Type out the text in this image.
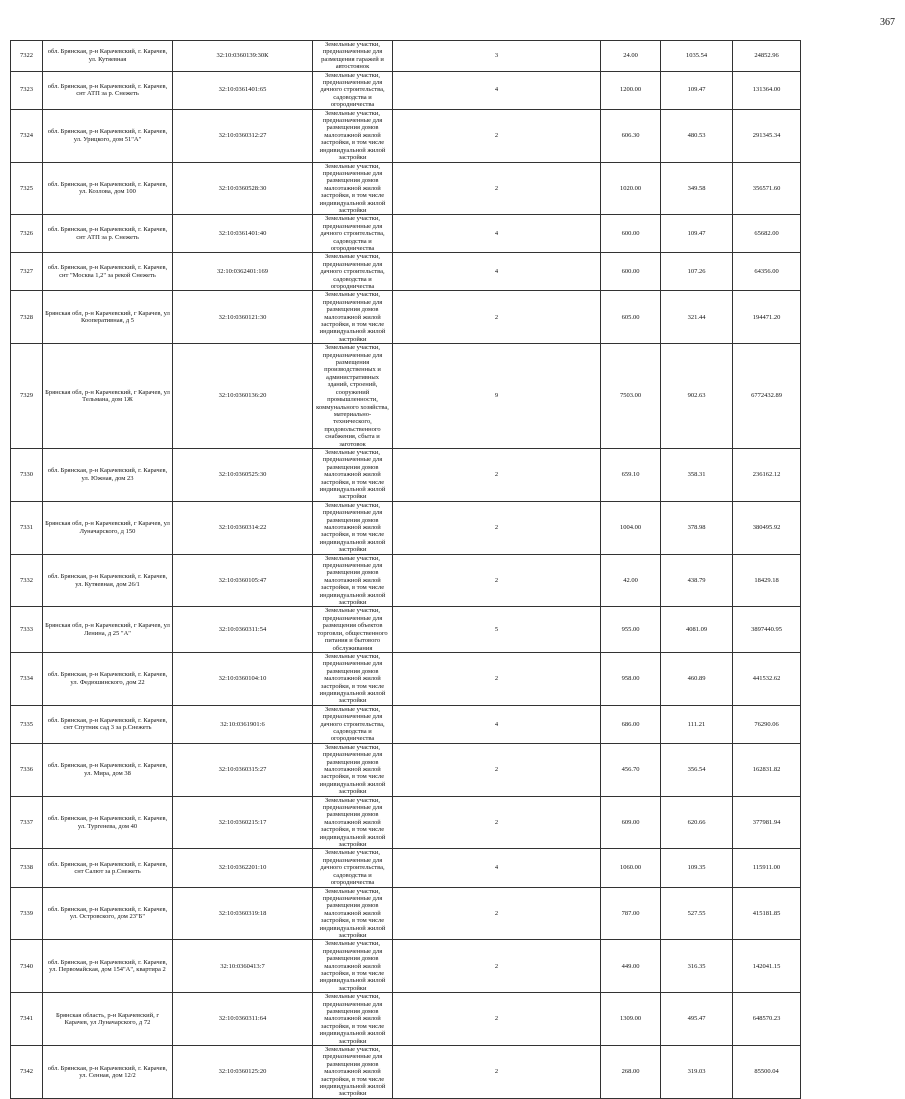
367
7322	обл. Брянская, р-н Карачевский, г. Карачев, ул. Кутяевная	32:10:0360139:30К	Земельные участки, предназначенные для размещения гаражей и автостоянок	3	24.00	1035.54	24852.96
7323	обл. Брянская, р-н Карачевский, г. Карачев, снт АТП за р. Снежеть	32:10:0361401:65	Земельные участки, предназначенные для дачного строительства, садоводства и огородничества	4	1200.00	109.47	131364.00
7324	обл. Брянская, р-н Карачевский, г. Карачев, ул. Урицкого, дом 51"А"	32:10:0360312:27	Земельные участки, предназначенные для размещения домов малоэтажной жилой застройки, в том числе индивидуальной жилой застройки	2	606.30	480.53	291345.34
7325	обл. Брянская, р-н Карачевский, г. Карачев, ул. Козлова, дом 100	32:10:0360528:30	Земельные участки, предназначенные для размещения домов малоэтажной жилой застройки, в том числе индивидуальной жилой застройки	2	1020.00	349.58	356571.60
7326	обл. Брянская, р-н Карачевский, г. Карачев, снт АТП за р. Снежеть	32:10:0361401:40	Земельные участки, предназначенные для дачного строительства, садоводства и огородничества	4	600.00	109.47	65682.00
7327	обл. Брянская, р-н Карачевский, г. Карачев, снт "Москва 1,2" за рекой Снежеть	32:10:0362401:169	Земельные участки, предназначенные для дачного строительства, садоводства и огородничества	4	600.00	107.26	64356.00
7328	Брянская обл, р-н Карачевский, г Карачев, ул Кооперативная, д 5	32:10:0360121:30	Земельные участки, предназначенные для размещения домов малоэтажной жилой застройки, в том числе индивидуальной жилой застройки	2	605.00	321.44	194471.20
7329	Брянская обл, р-н Карачевский, г Карачев, ул Тельмана, дом 1Ж	32:10:0360136:20	Земельные участки, предназначенные для размещения производственных и административных зданий, строений, сооружений промышленности, коммунального хозяйства, материально-технического, продовольственного снабжения, сбыта и заготовок	9	7503.00	902.63	6772432.89
7330	обл. Брянская, р-н Карачевский, г. Карачев, ул. Южная, дом 23	32:10:0360525:30	Земельные участки, предназначенные для размещения домов малоэтажной жилой застройки, в том числе индивидуальной жилой застройки	2	659.10	358.31	236162.12
7331	Брянская обл, р-н Карачевский, г Карачев, ул Луначарского, д 150	32:10:0360314:22	Земельные участки, предназначенные для размещения домов малоэтажной жилой застройки, в том числе индивидуальной жилой застройки	2	1004.00	378.98	380495.92
7332	обл. Брянская, р-н Карачевский, г. Карачев, ул. Кутяевная, дом 26/1	32:10:0360105:47	Земельные участки, предназначенные для размещения домов малоэтажной жилой застройки, в том числе индивидуальной жилой застройки	2	42.00	438.79	18429.18
7333	Брянская обл, р-н Карачевский, г Карачев, ул Ленина, д 25 "А"	32:10:0360311:54	Земельные участки, предназначенные для размещения объектов торговли, общественного питания и бытового обслуживания	5	955.00	4081.09	3897440.95
7334	обл. Брянская, р-н Карачевский, г. Карачев, ул. Федюшинского, дом 22	32:10:0360104:10	Земельные участки, предназначенные для размещения домов малоэтажной жилой застройки, в том числе индивидуальной жилой застройки	2	958.00	460.89	441532.62
7335	обл. Брянская, р-н Карачевский, г. Карачев, снт Спутник сад 3 за р.Снежеть	32:10:0361901:6	Земельные участки, предназначенные для дачного строительства, садоводства и огородничества	4	686.00	111.21	76290.06
7336	обл. Брянская, р-н Карачевский, г. Карачев, ул. Мира, дом 38	32:10:0360315:27	Земельные участки, предназначенные для размещения домов малоэтажной жилой застройки, в том числе индивидуальной жилой застройки	2	456.70	356.54	162831.82
7337	обл. Брянская, р-н Карачевский, г. Карачев, ул. Тургенева, дом 40	32:10:0360215:17	Земельные участки, предназначенные для размещения домов малоэтажной жилой застройки, в том числе индивидуальной жилой застройки	2	609.00	620.66	377981.94
7338	обл. Брянская, р-н Карачевский, г. Карачев, снт Салют за р.Снежеть	32:10:0362201:10	Земельные участки, предназначенные для дачного строительства, садоводства и огородничества	4	1060.00	109.35	115911.00
7339	обл. Брянская, р-н Карачевский, г. Карачев, ул. Островского, дом 23"Б"	32:10:0360319:18	Земельные участки, предназначенные для размещения домов малоэтажной жилой застройки, в том числе индивидуальной жилой застройки	2	787.00	527.55	415181.85
7340	обл. Брянская, р-н Карачевский, г. Карачев, ул. Первомайская, дом 154"А", квартира 2	32:10:0360413:7	Земельные участки, предназначенные для размещения домов малоэтажной жилой застройки, в том числе индивидуальной жилой застройки	2	449.00	316.35	142041.15
7341	Брянская область, р-н Карачевский, г Карачев, ул Луначарского, д 72	32:10:0360311:64	Земельные участки, предназначенные для размещения домов малоэтажной жилой застройки, в том числе индивидуальной жилой застройки	2	1309.00	495.47	648570.23
7342	обл. Брянская, р-н Карачевский, г. Карачев, ул. Сенная, дом 12/2	32:10:0360125:20	Земельные участки, предназначенные для размещения домов малоэтажной жилой застройки, в том числе индивидуальной жилой застройки	2	268.00	319.03	85500.04
